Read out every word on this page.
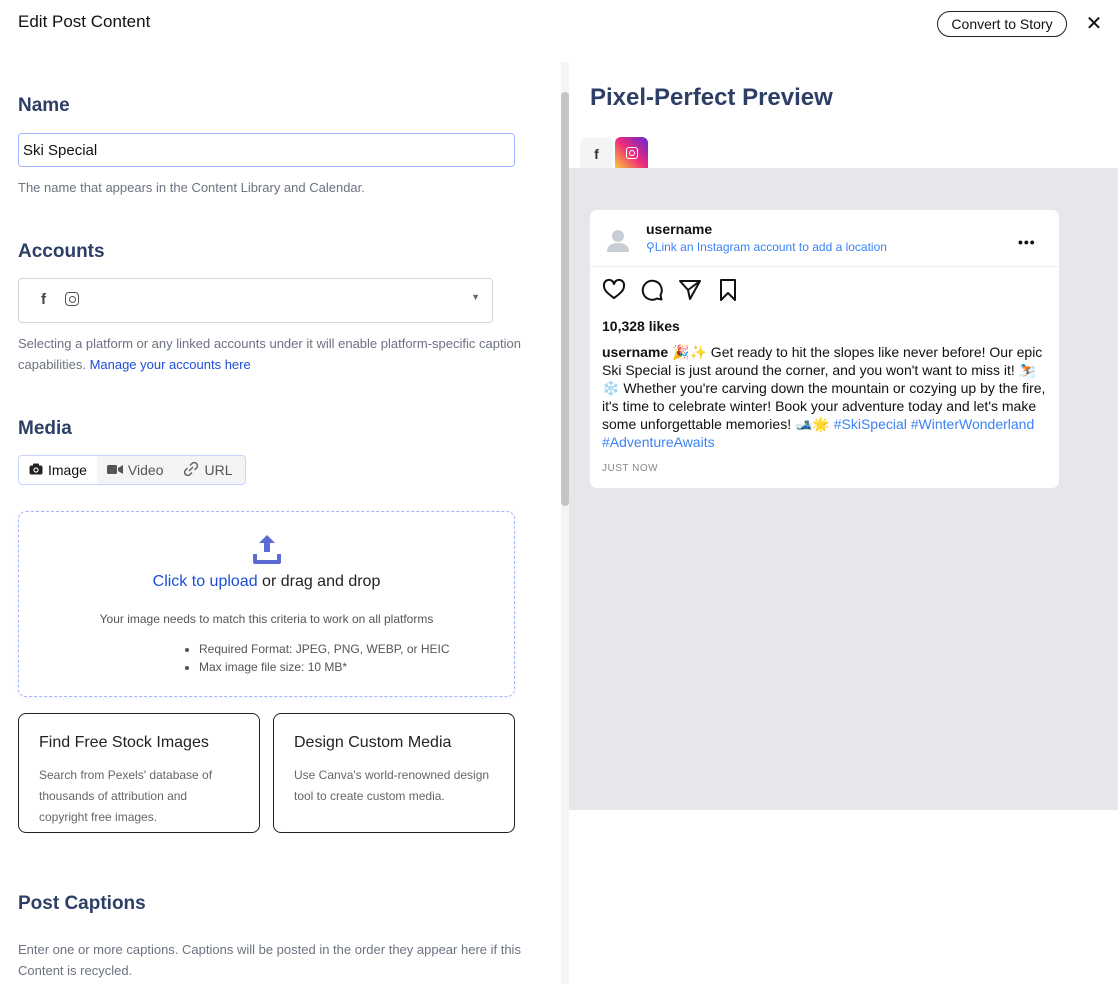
Edit Post Content	Convert to Story	✕
Name
Ski Special
The name that appears in the Content Library and Calendar.
Accounts
f	▼
Selecting a platform or any linked accounts under it will enable platform-specific caption capabilities. Manage your accounts here
Media
Image	Video	URL
Click to upload or drag and drop
Your image needs to match this criteria to work on all platforms
• Required Format: JPEG, PNG, WEBP, or HEIC
• Max image file size: 10 MB*
Find Free Stock Images
Search from Pexels' database of thousands of attribution and copyright free images.
Design Custom Media
Use Canva's world-renowned design tool to create custom media.
Post Captions
Enter one or more captions. Captions will be posted in the order they appear here if this Content is recycled.
Pixel-Perfect Preview
f
username
⚲Link an Instagram account to add a location	•••
10,328 likes
username 🎉✨ Get ready to hit the slopes like never before! Our epic Ski Special is just around the corner, and you won't want to miss it! ⛷️❄️ Whether you're carving down the mountain or cozying up by the fire, it's time to celebrate winter! Book your adventure today and let's make some unforgettable memories! 🎿🌟 #SkiSpecial #WinterWonderland #AdventureAwaits
JUST NOW
